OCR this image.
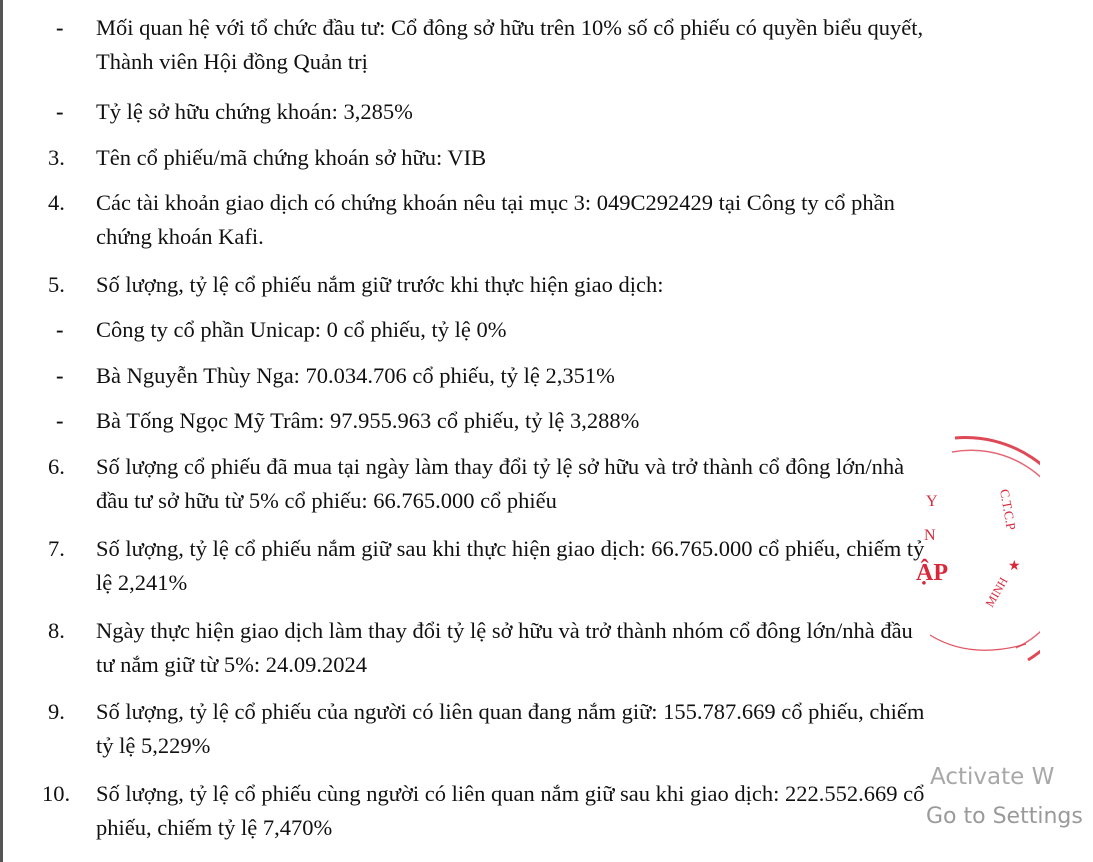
-	Mối quan hệ với tổ chức đầu tư: Cổ đông sở hữu trên 10% số cổ phiếu có quyền biểu quyết,
Thành viên Hội đồng Quản trị
-	Tỷ lệ sở hữu chứng khoán: 3,285%
3.	Tên cổ phiếu/mã chứng khoán sở hữu: VIB
4.	Các tài khoản giao dịch có chứng khoán nêu tại mục 3: 049C292429 tại Công ty cổ phần
chứng khoán Kafi.
5.	Số lượng, tỷ lệ cổ phiếu nắm giữ trước khi thực hiện giao dịch:
-	Công ty cổ phần Unicap: 0 cổ phiếu, tỷ lệ 0%
-	Bà Nguyễn Thùy Nga: 70.034.706 cổ phiếu, tỷ lệ 2,351%
-	Bà Tống Ngọc Mỹ Trâm: 97.955.963 cổ phiếu, tỷ lệ 3,288%
6.	Số lượng cổ phiếu đã mua tại ngày làm thay đổi tỷ lệ sở hữu và trở thành cổ đông lớn/nhà
đầu tư sở hữu từ 5% cổ phiếu: 66.765.000 cổ phiếu
7.	Số lượng, tỷ lệ cổ phiếu nắm giữ sau khi thực hiện giao dịch: 66.765.000 cổ phiếu, chiếm tỷ
lệ 2,241%
8.	Ngày thực hiện giao dịch làm thay đổi tỷ lệ sở hữu và trở thành nhóm cổ đông lớn/nhà đầu
tư nắm giữ từ 5%: 24.09.2024
9.	Số lượng, tỷ lệ cổ phiếu của người có liên quan đang nắm giữ: 155.787.669 cổ phiếu, chiếm
tỷ lệ 5,229%
10.	Số lượng, tỷ lệ cổ phiếu cùng người có liên quan nắm giữ sau khi giao dịch: 222.552.669 cổ
phiếu, chiếm tỷ lệ 7,470%
Y
N
ẬP
C.T.C.P
MINH
★
Activate W
Go to Settings
